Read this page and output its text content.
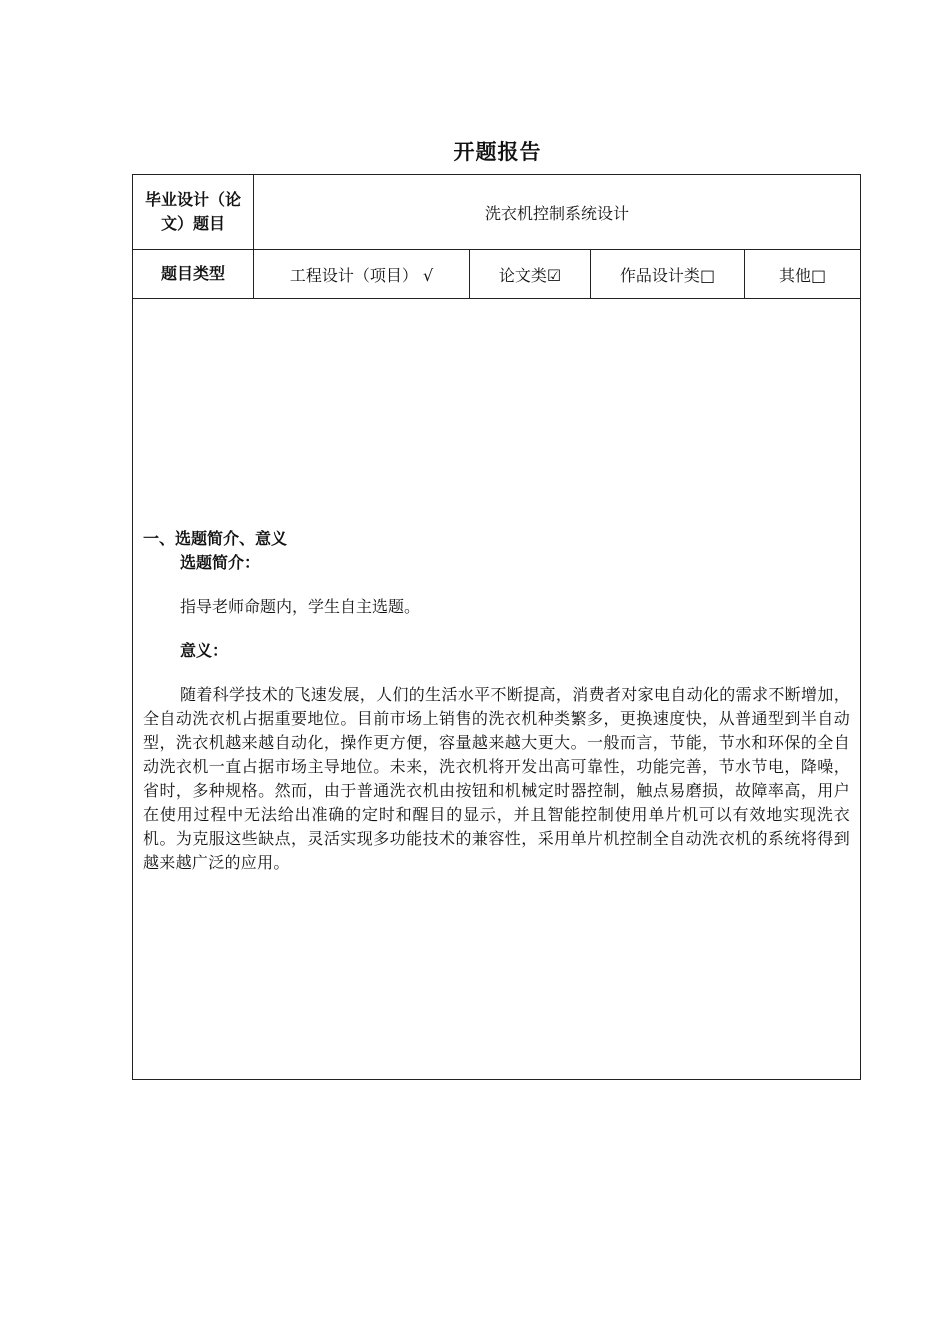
开题报告
毕业设计（论文）题目	洗衣机控制系统设计			
题目类型	工程设计（项目） √	论文类☑	作品设计类□	其他□

一、选题简介、意义
选题简介：
指导老师命题内，学生自主选题。
意义：
随着科学技术的飞速发展，人们的生活水平不断提高，消费者对家电自动化的需求不断增加，全自动洗衣机占据重要地位。目前市场上销售的洗衣机种类繁多，更换速度快，从普通型到半自动型，洗衣机越来越自动化，操作更方便，容量越来越大更大。一般而言，节能，节水和环保的全自动洗衣机一直占据市场主导地位。未来，洗衣机将开发出高可靠性，功能完善，节水节电，降噪，省时，多种规格。然而，由于普通洗衣机由按钮和机械定时器控制，触点易磨损，故障率高，用户在使用过程中无法给出准确的定时和醒目的显示，并且智能控制使用单片机可以有效地实现洗衣机。为克服这些缺点，灵活实现多功能技术的兼容性，采用单片机控制全自动洗衣机的系统将得到越来越广泛的应用。				
